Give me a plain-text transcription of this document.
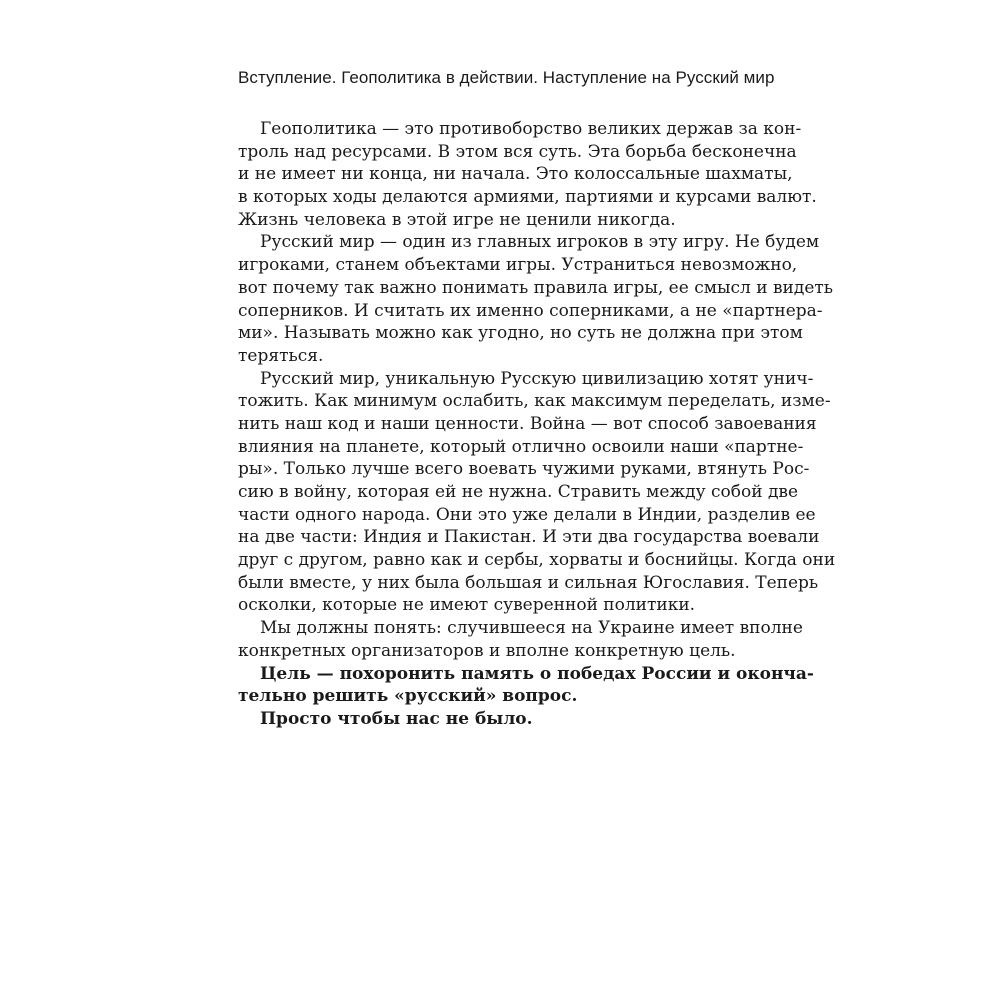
Вступление. Геополитика в действии. Наступление на Русский мир
Геополитика — это противоборство великих держав за кон-
троль над ресурсами. В этом вся суть. Эта борьба бесконечна
и не имеет ни конца, ни начала. Это колоссальные шахматы,
в которых ходы делаются армиями, партиями и курсами валют.
Жизнь человека в этой игре не ценили никогда.
Русский мир — один из главных игроков в эту игру. Не будем
игроками, станем объектами игры. Устраниться невозможно,
вот почему так важно понимать правила игры, ее смысл и видеть
соперников. И считать их именно соперниками, а не «партнера-
ми». Называть можно как угодно, но суть не должна при этом
теряться.
Русский мир, уникальную Русскую цивилизацию хотят унич-
тожить. Как минимум ослабить, как максимум переделать, изме-
нить наш код и наши ценности. Война — вот способ завоевания
влияния на планете, который отлично освоили наши «партне-
ры». Только лучше всего воевать чужими руками, втянуть Рос-
сию в войну, которая ей не нужна. Стравить между собой две
части одного народа. Они это уже делали в Индии, разделив ее
на две части: Индия и Пакистан. И эти два государства воевали
друг с другом, равно как и сербы, хорваты и боснийцы. Когда они
были вместе, у них была большая и сильная Югославия. Теперь
осколки, которые не имеют суверенной политики.
Мы должны понять: случившееся на Украине имеет вполне
конкретных организаторов и вполне конкретную цель.
Цель — похоронить память о победах России и оконча-
тельно решить «русский» вопрос.
Просто чтобы нас не было.
